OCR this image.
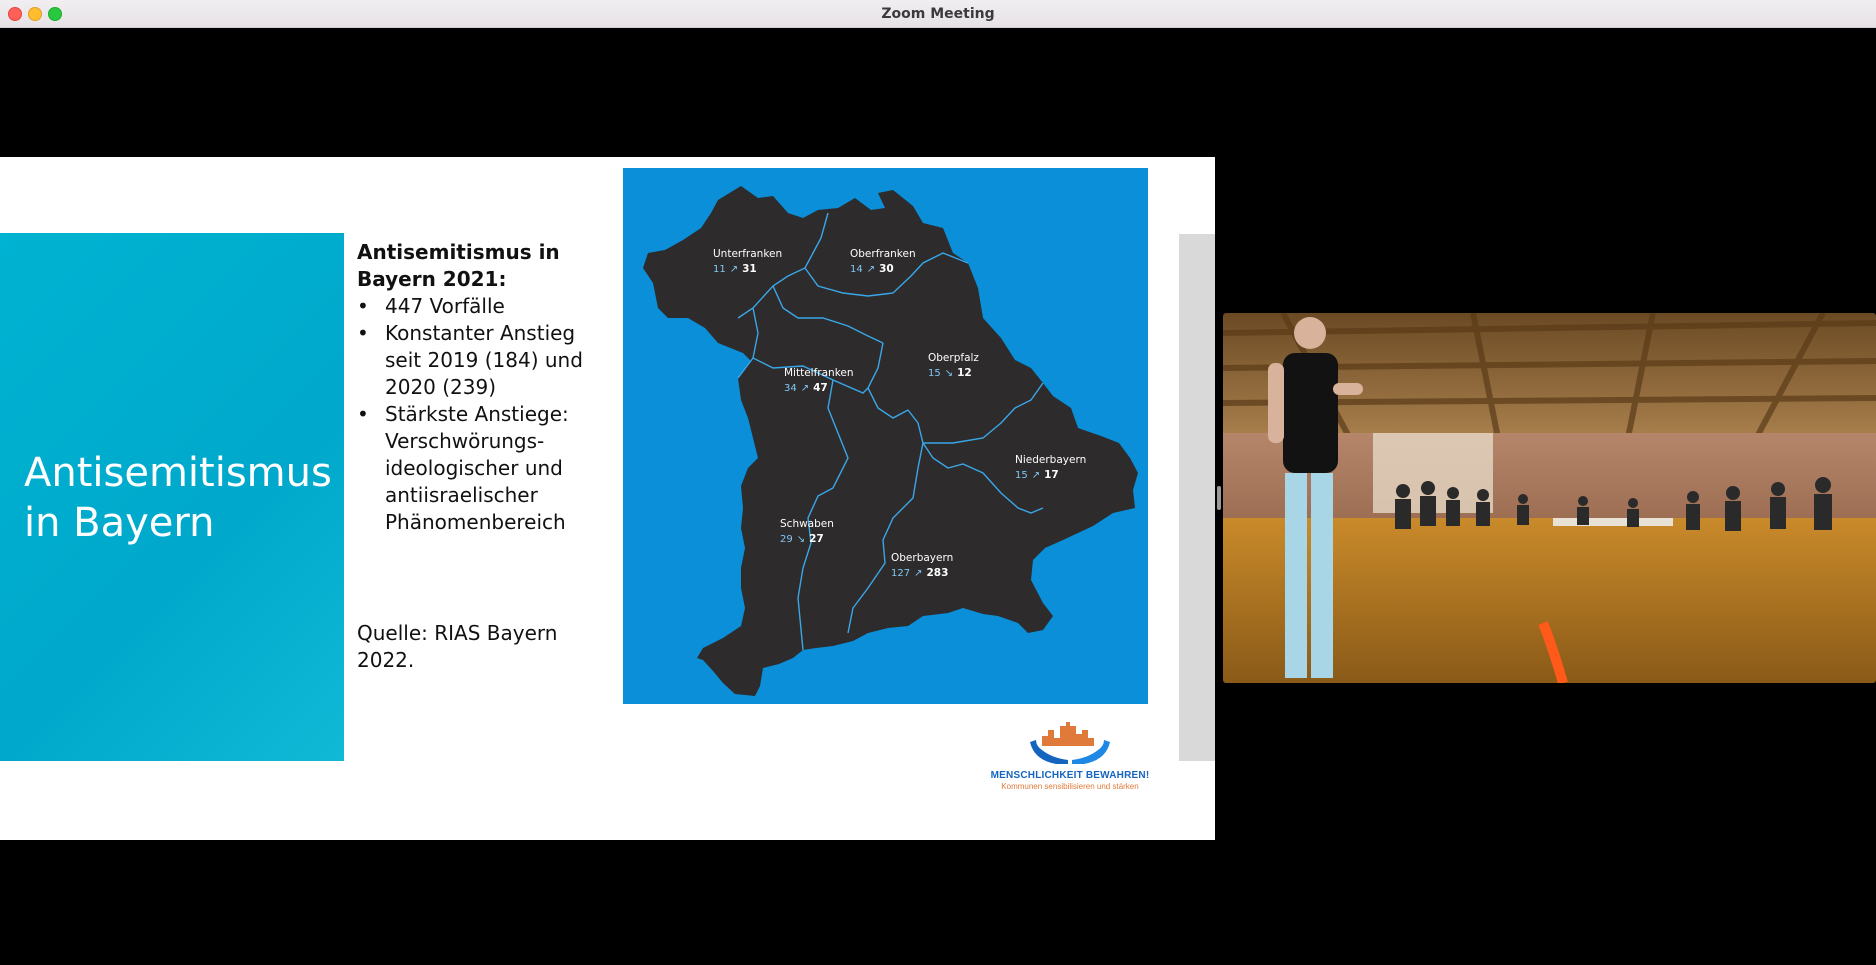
Zoom Meeting
Antisemitismus in Bayern
Antisemitismus in Bayern 2021:
• 447 Vorfälle
• Konstanter Anstieg seit 2019 (184) und 2020 (239)
• Stärkste Anstiege: Verschwörungs-ideologischer und antiisraelischer Phänomenbereich
Quelle: RIAS Bayern 2022.
Unterfranken
11 ↗ 31
Oberfranken
14 ↗ 30
Mittelfranken
34 ↗ 47
Oberpfalz
15 ↘ 12
Niederbayern
15 ↗ 17
Schwaben
29 ↘ 27
Oberbayern
127 ↗ 283
MENSCHLICHKEIT BEWAHREN!
Kommunen sensibilisieren und stärken
